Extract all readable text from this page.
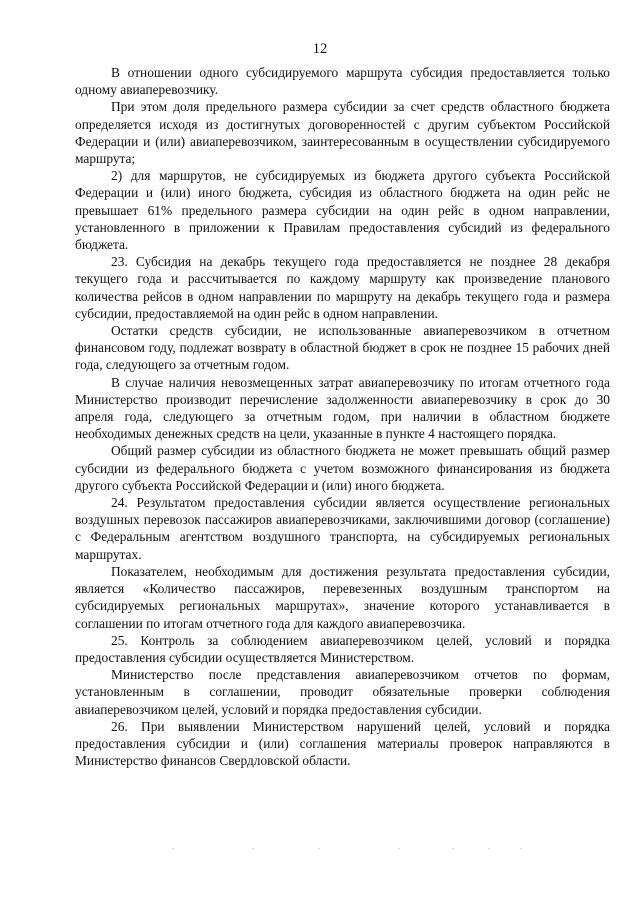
12

В отношении одного субсидируемого маршрута субсидия предоставляется только одному авиаперевозчику.

При этом доля предельного размера субсидии за счет средств областного бюджета определяется исходя из достигнутых договоренностей с другим субъектом Российской Федерации и (или) авиаперевозчиком, заинтересованным в осуществлении субсидируемого маршрута;

2) для маршрутов, не субсидируемых из бюджета другого субъекта Российской Федерации и (или) иного бюджета, субсидия из областного бюджета на один рейс не превышает 61% предельного размера субсидии на один рейс в одном направлении, установленного в приложении к Правилам предоставления субсидий из федерального бюджета.

23. Субсидия на декабрь текущего года предоставляется не позднее 28 декабря текущего года и рассчитывается по каждому маршруту как произведение планового количества рейсов в одном направлении по маршруту на декабрь текущего года и размера субсидии, предоставляемой на один рейс в одном направлении.

Остатки средств субсидии, не использованные авиаперевозчиком в отчетном финансовом году, подлежат возврату в областной бюджет в срок не позднее 15 рабочих дней года, следующего за отчетным годом.

В случае наличия невозмещенных затрат авиаперевозчику по итогам отчетного года Министерство производит перечисление задолженности авиаперевозчику в срок до 30 апреля года, следующего за отчетным годом, при наличии в областном бюджете необходимых денежных средств на цели, указанные в пункте 4 настоящего порядка.

Общий размер субсидии из областного бюджета не может превышать общий размер субсидии из федерального бюджета с учетом возможного финансирования из бюджета другого субъекта Российской Федерации и (или) иного бюджета.

24. Результатом предоставления субсидии является осуществление региональных воздушных перевозок пассажиров авиаперевозчиками, заключившими договор (соглашение) с Федеральным агентством воздушного транспорта, на субсидируемых региональных маршрутах.

Показателем, необходимым для достижения результата предоставления субсидии, является «Количество пассажиров, перевезенных воздушным транспортом на субсидируемых региональных маршрутах», значение которого устанавливается в соглашении по итогам отчетного года для каждого авиаперевозчика.

25. Контроль за соблюдением авиаперевозчиком целей, условий и порядка предоставления субсидии осуществляется Министерством.

Министерство после представления авиаперевозчиком отчетов по формам, установленным в соглашении, проводит обязательные проверки соблюдения авиаперевозчиком целей, условий и порядка предоставления субсидии.

26. При выявлении Министерством нарушений целей, условий и порядка предоставления субсидии и (или) соглашения материалы проверок направляются в Министерство финансов Свердловской области.
